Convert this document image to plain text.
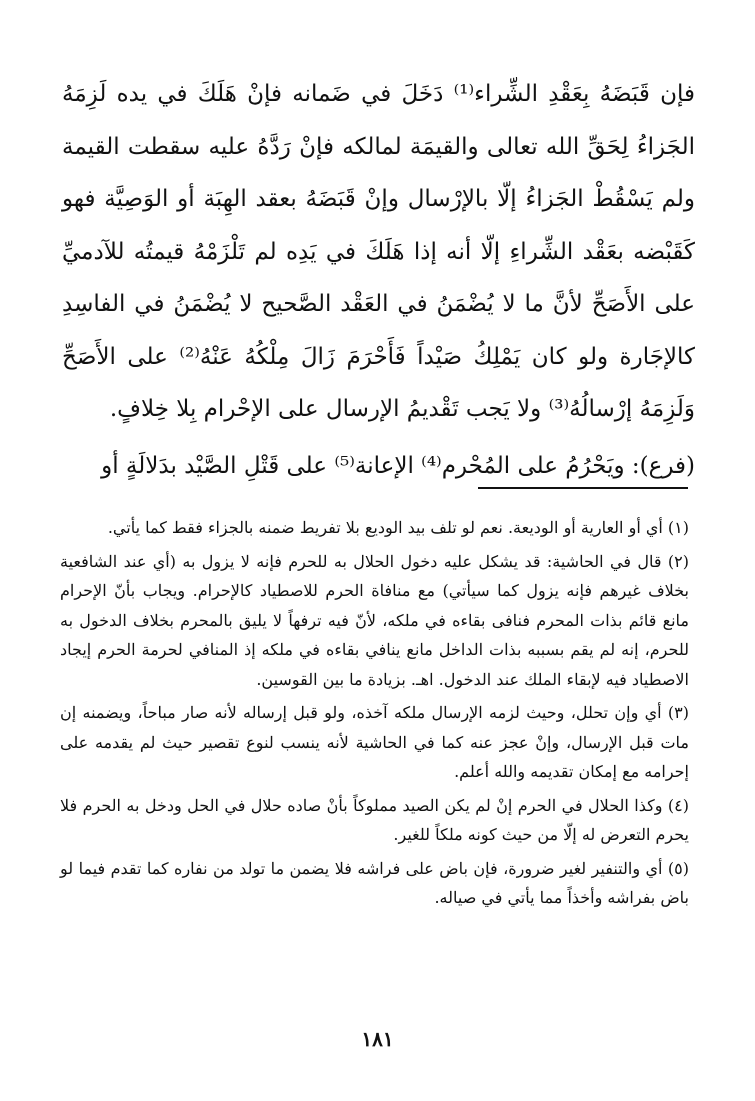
فإن قَبَضَهُ بِعَقْدِ الشِّراء⁽¹⁾ دَخَلَ في ضَمانه فإنْ هَلَكَ في يده لَزِمَهُ الجَزاءُ لِحَقِّ الله تعالى والقيمَة لمالكه فإنْ رَدَّهُ عليه سقطت القيمة ولم يَسْقُطْ الجَزاءُ إلّا بالإرْسال وإنْ قَبَضَهُ بعقد الهِبَة أو الوَصِيَّة فهو كَقَبْضه بعَقْد الشِّراءِ إلّا أنه إذا هَلَكَ في يَدِه لم تَلْزَمْهُ قيمتُه للآدميِّ على الأَصَحِّ لأنَّ ما لا يُضْمَنُ في العَقْد الصَّحيح لا يُضْمَنُ في الفاسِدِ كالإجَارة ولو كان يَمْلِكُ صَيْداً فَأَحْرَمَ زَالَ مِلْكُهُ عَنْهُ⁽²⁾ على الأَصَحِّ وَلَزِمَهُ إرْسالُهُ⁽³⁾ ولا يَجب تَقْديمُ الإرسال على الإحْرام بِلا خِلافٍ.

(فرع): ويَحْرُمُ على المُحْرم⁽⁴⁾ الإعانة⁽⁵⁾ على قَتْلِ الصَّيْد بدَلالَةٍ أو

(١) أي أو العارية أو الوديعة. نعم لو تلف بيد الوديع بلا تفريط ضمنه بالجزاء فقط كما يأتي.

(٢) قال في الحاشية: قد يشكل عليه دخول الحلال به للحرم فإنه لا يزول به (أي عند الشافعية بخلاف غيرهم فإنه يزول كما سيأتي) مع منافاة الحرم للاصطياد كالإحرام. ويجاب بأنّ الإحرام مانع قائم بذات المحرم فنافى بقاءه في ملكه، لأنّ فيه ترفهاً لا يليق بالمحرم بخلاف الدخول به للحرم، إنه لم يقم بسببه بذات الداخل مانع ينافي بقاءه في ملكه إذ المنافي لحرمة الحرم إيجاد الاصطياد فيه لإبقاء الملك عند الدخول. اهـ. بزيادة ما بين القوسين.

(٣) أي وإن تحلل، وحيث لزمه الإرسال ملكه آخذه، ولو قبل إرساله لأنه صار مباحاً، ويضمنه إن مات قبل الإرسال، وإنْ عجز عنه كما في الحاشية لأنه ينسب لنوع تقصير حيث لم يقدمه على إحرامه مع إمكان تقديمه والله أعلم.

(٤) وكذا الحلال في الحرم إنْ لم يكن الصيد مملوكاً بأنْ صاده حلال في الحل ودخل به الحرم فلا يحرم التعرض له إلّا من حيث كونه ملكاً للغير.

(٥) أي والتنفير لغير ضرورة، فإن باض على فراشه فلا يضمن ما تولد من نفاره كما تقدم فيما لو باض بفراشه وأخذاً مما يأتي في صياله.

١٨١
